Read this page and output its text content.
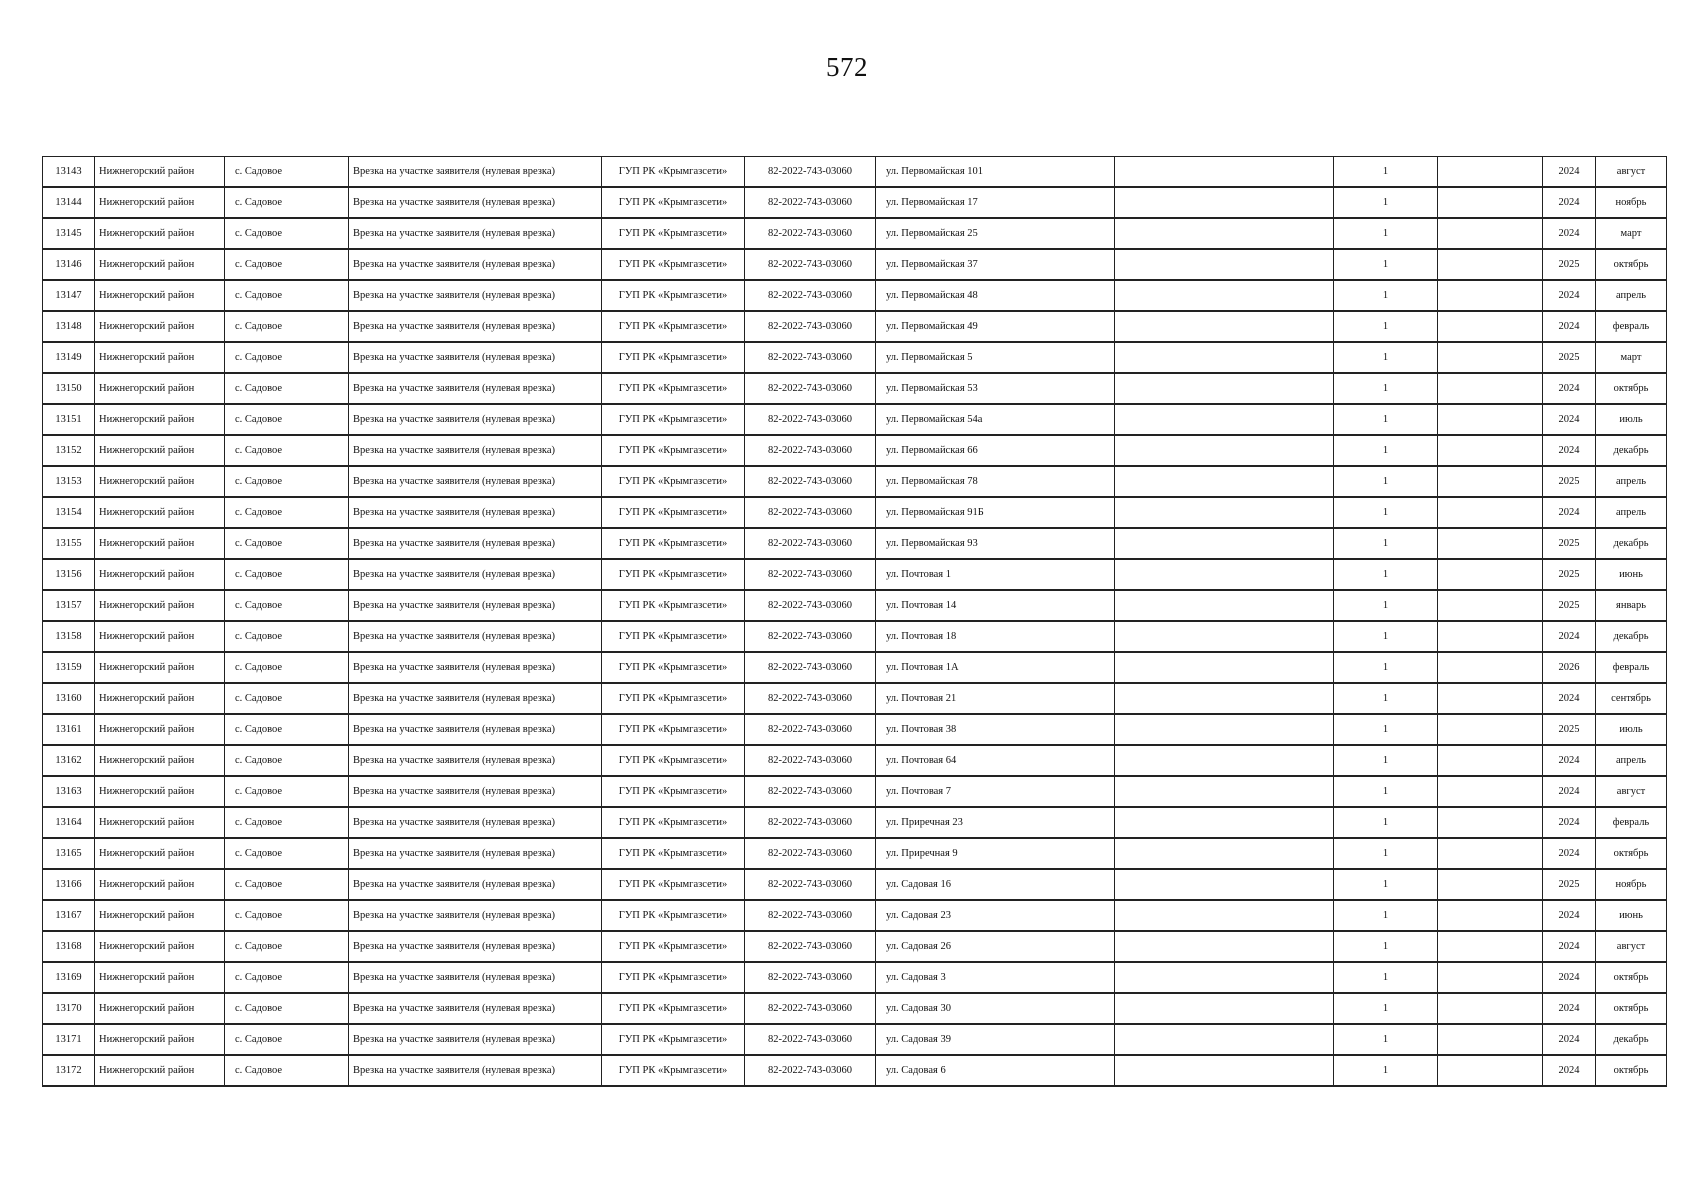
572
13143	Нижнегорский район	с. Садовое	Врезка на участке заявителя (нулевая врезка)	ГУП РК «Крымгазсети»	82-2022-743-03060	ул. Первомайская 101		1		2024	август
13144	Нижнегорский район	с. Садовое	Врезка на участке заявителя (нулевая врезка)	ГУП РК «Крымгазсети»	82-2022-743-03060	ул. Первомайская 17		1		2024	ноябрь
13145	Нижнегорский район	с. Садовое	Врезка на участке заявителя (нулевая врезка)	ГУП РК «Крымгазсети»	82-2022-743-03060	ул. Первомайская 25		1		2024	март
13146	Нижнегорский район	с. Садовое	Врезка на участке заявителя (нулевая врезка)	ГУП РК «Крымгазсети»	82-2022-743-03060	ул. Первомайская 37		1		2025	октябрь
13147	Нижнегорский район	с. Садовое	Врезка на участке заявителя (нулевая врезка)	ГУП РК «Крымгазсети»	82-2022-743-03060	ул. Первомайская 48		1		2024	апрель
13148	Нижнегорский район	с. Садовое	Врезка на участке заявителя (нулевая врезка)	ГУП РК «Крымгазсети»	82-2022-743-03060	ул. Первомайская 49		1		2024	февраль
13149	Нижнегорский район	с. Садовое	Врезка на участке заявителя (нулевая врезка)	ГУП РК «Крымгазсети»	82-2022-743-03060	ул. Первомайская 5		1		2025	март
13150	Нижнегорский район	с. Садовое	Врезка на участке заявителя (нулевая врезка)	ГУП РК «Крымгазсети»	82-2022-743-03060	ул. Первомайская 53		1		2024	октябрь
13151	Нижнегорский район	с. Садовое	Врезка на участке заявителя (нулевая врезка)	ГУП РК «Крымгазсети»	82-2022-743-03060	ул. Первомайская 54а		1		2024	июль
13152	Нижнегорский район	с. Садовое	Врезка на участке заявителя (нулевая врезка)	ГУП РК «Крымгазсети»	82-2022-743-03060	ул. Первомайская 66		1		2024	декабрь
13153	Нижнегорский район	с. Садовое	Врезка на участке заявителя (нулевая врезка)	ГУП РК «Крымгазсети»	82-2022-743-03060	ул. Первомайская 78		1		2025	апрель
13154	Нижнегорский район	с. Садовое	Врезка на участке заявителя (нулевая врезка)	ГУП РК «Крымгазсети»	82-2022-743-03060	ул. Первомайская 91Б		1		2024	апрель
13155	Нижнегорский район	с. Садовое	Врезка на участке заявителя (нулевая врезка)	ГУП РК «Крымгазсети»	82-2022-743-03060	ул. Первомайская 93		1		2025	декабрь
13156	Нижнегорский район	с. Садовое	Врезка на участке заявителя (нулевая врезка)	ГУП РК «Крымгазсети»	82-2022-743-03060	ул. Почтовая 1		1		2025	июнь
13157	Нижнегорский район	с. Садовое	Врезка на участке заявителя (нулевая врезка)	ГУП РК «Крымгазсети»	82-2022-743-03060	ул. Почтовая 14		1		2025	январь
13158	Нижнегорский район	с. Садовое	Врезка на участке заявителя (нулевая врезка)	ГУП РК «Крымгазсети»	82-2022-743-03060	ул. Почтовая 18		1		2024	декабрь
13159	Нижнегорский район	с. Садовое	Врезка на участке заявителя (нулевая врезка)	ГУП РК «Крымгазсети»	82-2022-743-03060	ул. Почтовая 1А		1		2026	февраль
13160	Нижнегорский район	с. Садовое	Врезка на участке заявителя (нулевая врезка)	ГУП РК «Крымгазсети»	82-2022-743-03060	ул. Почтовая 21		1		2024	сентябрь
13161	Нижнегорский район	с. Садовое	Врезка на участке заявителя (нулевая врезка)	ГУП РК «Крымгазсети»	82-2022-743-03060	ул. Почтовая 38		1		2025	июль
13162	Нижнегорский район	с. Садовое	Врезка на участке заявителя (нулевая врезка)	ГУП РК «Крымгазсети»	82-2022-743-03060	ул. Почтовая 64		1		2024	апрель
13163	Нижнегорский район	с. Садовое	Врезка на участке заявителя (нулевая врезка)	ГУП РК «Крымгазсети»	82-2022-743-03060	ул. Почтовая 7		1		2024	август
13164	Нижнегорский район	с. Садовое	Врезка на участке заявителя (нулевая врезка)	ГУП РК «Крымгазсети»	82-2022-743-03060	ул. Приречная 23		1		2024	февраль
13165	Нижнегорский район	с. Садовое	Врезка на участке заявителя (нулевая врезка)	ГУП РК «Крымгазсети»	82-2022-743-03060	ул. Приречная 9		1		2024	октябрь
13166	Нижнегорский район	с. Садовое	Врезка на участке заявителя (нулевая врезка)	ГУП РК «Крымгазсети»	82-2022-743-03060	ул. Садовая 16		1		2025	ноябрь
13167	Нижнегорский район	с. Садовое	Врезка на участке заявителя (нулевая врезка)	ГУП РК «Крымгазсети»	82-2022-743-03060	ул. Садовая 23		1		2024	июнь
13168	Нижнегорский район	с. Садовое	Врезка на участке заявителя (нулевая врезка)	ГУП РК «Крымгазсети»	82-2022-743-03060	ул. Садовая 26		1		2024	август
13169	Нижнегорский район	с. Садовое	Врезка на участке заявителя (нулевая врезка)	ГУП РК «Крымгазсети»	82-2022-743-03060	ул. Садовая 3		1		2024	октябрь
13170	Нижнегорский район	с. Садовое	Врезка на участке заявителя (нулевая врезка)	ГУП РК «Крымгазсети»	82-2022-743-03060	ул. Садовая 30		1		2024	октябрь
13171	Нижнегорский район	с. Садовое	Врезка на участке заявителя (нулевая врезка)	ГУП РК «Крымгазсети»	82-2022-743-03060	ул. Садовая 39		1		2024	декабрь
13172	Нижнегорский район	с. Садовое	Врезка на участке заявителя (нулевая врезка)	ГУП РК «Крымгазсети»	82-2022-743-03060	ул. Садовая 6		1		2024	октябрь
